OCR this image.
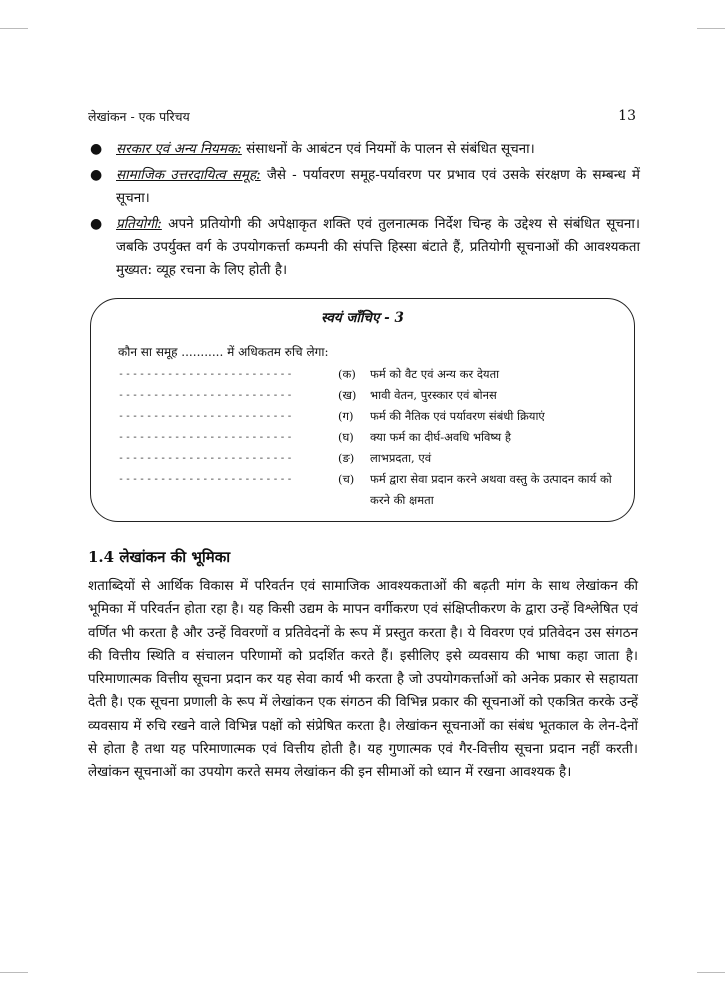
लेखांकन - एक परिचय	13
● सरकार एवं अन्य नियमक: संसाधनों के आबंटन एवं नियमों के पालन से संबंधित सूचना।
● सामाजिक उत्तरदायित्व समूह: जैसे - पर्यावरण समूह-पर्यावरण पर प्रभाव एवं उसके संरक्षण के सम्बन्ध में सूचना।
● प्रतियोगी: अपने प्रतियोगी की अपेक्षाकृत शक्ति एवं तुलनात्मक निर्देश चिन्ह के उद्देश्य से संबंधित सूचना। जबकि उपर्युक्त वर्ग के उपयोगकर्त्ता कम्पनी की संपत्ति हिस्सा बंटाते हैं, प्रतियोगी सूचनाओं की आवश्यकता मुख्यत: व्यूह रचना के लिए होती है।
स्वयं जाँचिए - 3
कौन सा समूह ........... में अधिकतम रुचि लेगा:
-------------------------
-------------------------
-------------------------
-------------------------
-------------------------
-------------------------
(क) फर्म को वैट एवं अन्य कर देयता
(ख) भावी वेतन, पुरस्कार एवं बोनस
(ग) फर्म की नैतिक एवं पर्यावरण संबंधी क्रियाएं
(घ) क्या फर्म का दीर्घ-अवधि भविष्य है
(ङ) लाभप्रदता, एवं
(च) फर्म द्वारा सेवा प्रदान करने अथवा वस्तु के उत्पादन कार्य को करने की क्षमता
1.4 लेखांकन की भूमिका

शताब्दियों से आर्थिक विकास में परिवर्तन एवं सामाजिक आवश्यकताओं की बढ़ती मांग के साथ लेखांकन की भूमिका में परिवर्तन होता रहा है। यह किसी उद्यम के मापन वर्गीकरण एवं संक्षिप्तीकरण के द्वारा उन्हें विश्लेषित एवं वर्णित भी करता है और उन्हें विवरणों व प्रतिवेदनों के रूप में प्रस्तुत करता है। ये विवरण एवं प्रतिवेदन उस संगठन की वित्तीय स्थिति व संचालन परिणामों को प्रदर्शित करते हैं। इसीलिए इसे व्यवसाय की भाषा कहा जाता है। परिमाणात्मक वित्तीय सूचना प्रदान कर यह सेवा कार्य भी करता है जो उपयोगकर्त्ताओं को अनेक प्रकार से सहायता देती है। एक सूचना प्रणाली के रूप में लेखांकन एक संगठन की विभिन्न प्रकार की सूचनाओं को एकत्रित करके उन्हें व्यवसाय में रुचि रखने वाले विभिन्न पक्षों को संप्रेषित करता है। लेखांकन सूचनाओं का संबंध भूतकाल के लेन-देनों से होता है तथा यह परिमाणात्मक एवं वित्तीय होती है। यह गुणात्मक एवं गैर-वित्तीय सूचना प्रदान नहीं करती। लेखांकन सूचनाओं का उपयोग करते समय लेखांकन की इन सीमाओं को ध्यान में रखना आवश्यक है।
